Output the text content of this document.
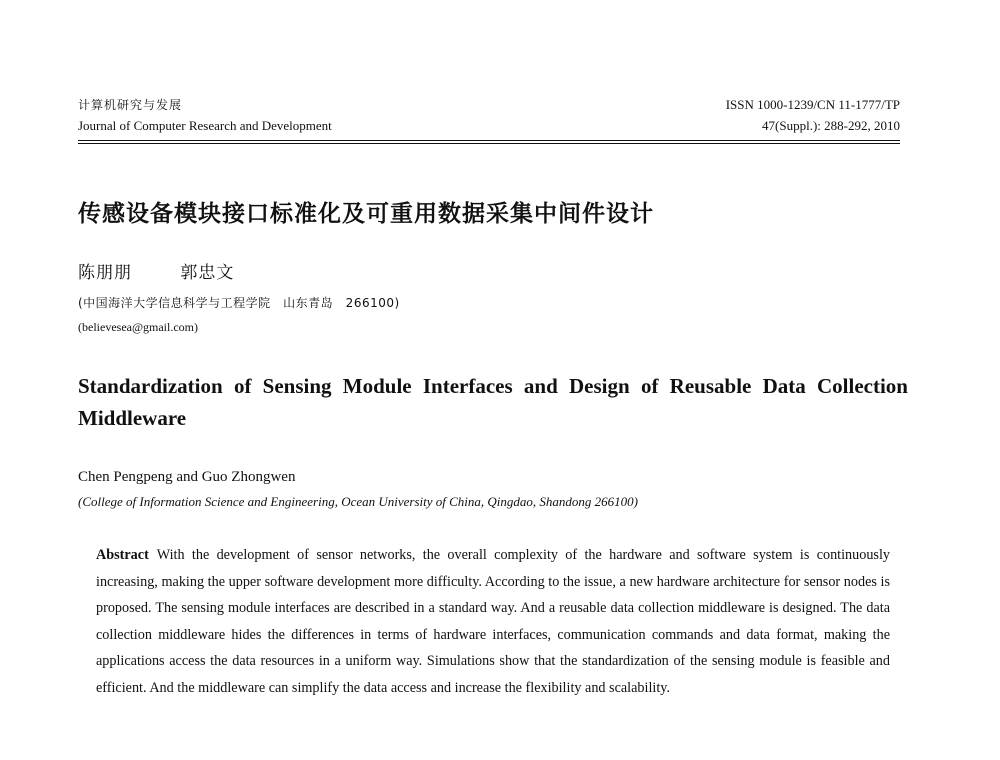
计算机研究与发展
Journal of Computer Research and Development
ISSN 1000-1239/CN 11-1777/TP
47(Suppl.): 288-292, 2010
传感设备模块接口标准化及可重用数据采集中间件设计
陈朋朋	郭忠文
(中国海洋大学信息科学与工程学院　山东青岛　266100)
(believesea@gmail.com)
Standardization of Sensing Module Interfaces and Design of Reusable Data Collection Middleware
Chen Pengpeng and Guo Zhongwen
(College of Information Science and Engineering, Ocean University of China, Qingdao, Shandong 266100)
Abstract With the development of sensor networks, the overall complexity of the hardware and software system is continuously increasing, making the upper software development more difficulty. According to the issue, a new hardware architecture for sensor nodes is proposed. The sensing module interfaces are described in a standard way. And a reusable data collection middleware is designed. The data collection middleware hides the differences in terms of hardware interfaces, communication commands and data format, making the applications access the data resources in a uniform way. Simulations show that the standardization of the sensing module is feasible and efficient. And the middleware can simplify the data access and increase the flexibility and scalability.
